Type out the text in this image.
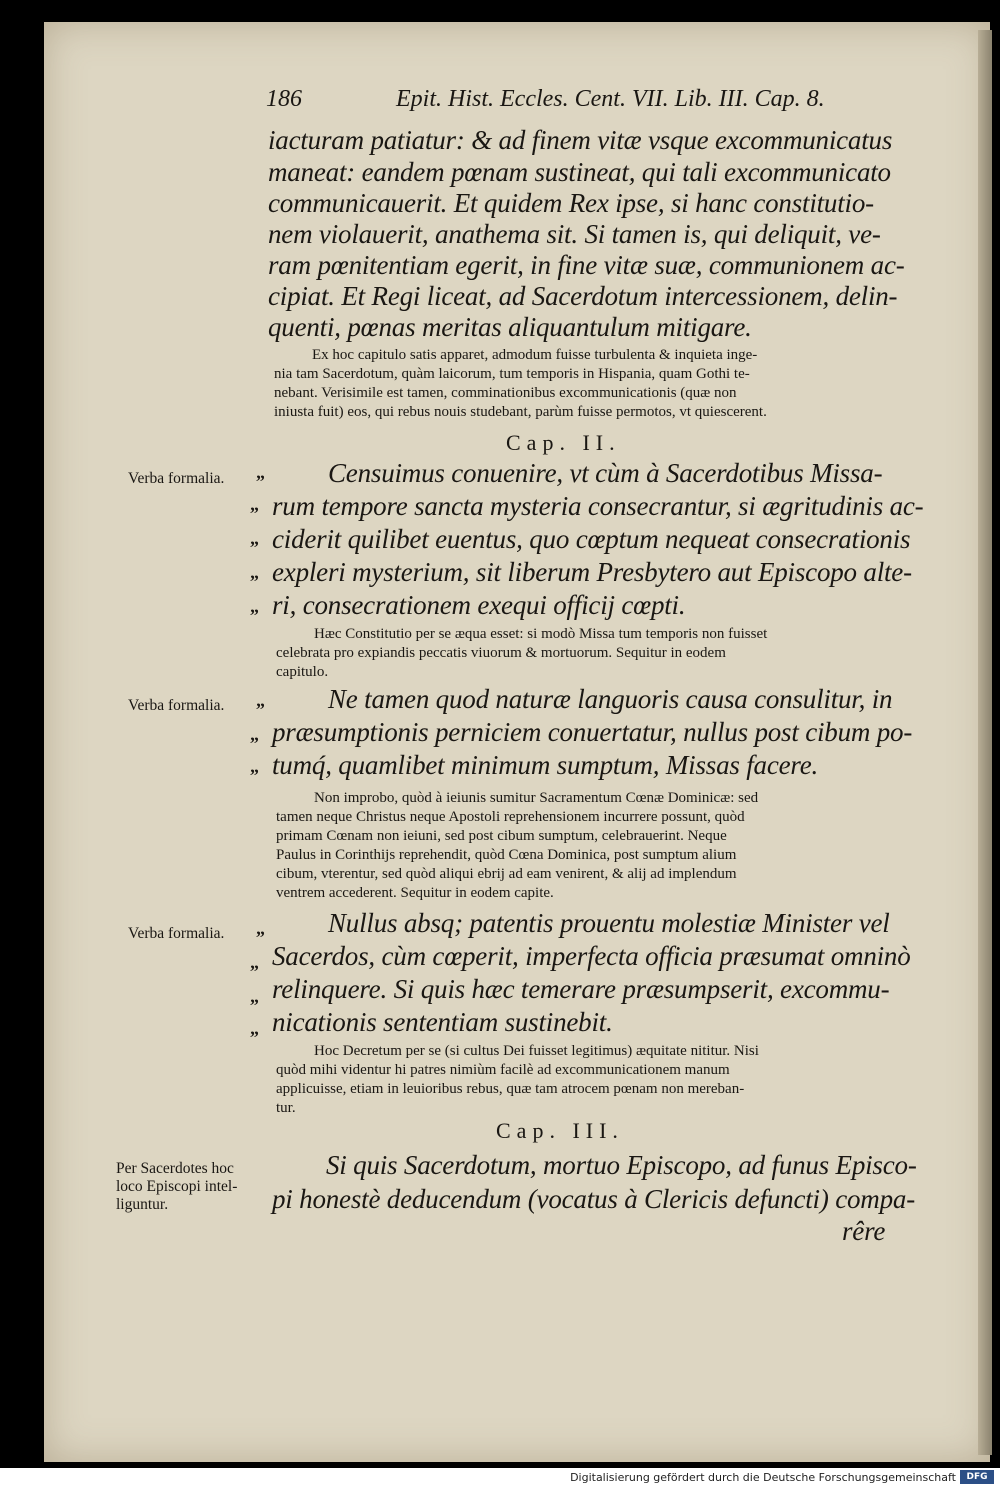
186	Epit. Hist. Eccles. Cent. VII. Lib. III. Cap. 8.
iacturam patiatur: & ad finem vitæ vsque excommunicatus
maneat: eandem pœnam sustineat, qui tali excommunicato
communicauerit. Et quidem Rex ipse, si hanc constitutio-
nem violauerit, anathema sit. Si tamen is, qui deliquit, ve-
ram pœnitentiam egerit, in fine vitæ suæ, communionem ac-
cipiat. Et Regi liceat, ad Sacerdotum intercessionem, delin-
quenti, pœnas meritas aliquantulum mitigare.
Ex hoc capitulo satis apparet, admodum fuisse turbulenta & inquieta inge-
nia tam Sacerdotum, quàm laicorum, tum temporis in Hispania, quam Gothi te-
nebant. Verisimile est tamen, comminationibus excommunicationis (quæ non
iniusta fuit) eos, qui rebus nouis studebant, parùm fuisse permotos, vt quiescerent.
Cap. II.
Verba formalia. „
„
„
„
„
Censuimus conuenire, vt cùm à Sacerdotibus Missa-
rum tempore sancta mysteria consecrantur, si ægritudinis ac-
ciderit quilibet euentus, quo cœptum nequeat consecrationis
expleri mysterium, sit liberum Presbytero aut Episcopo alte-
ri, consecrationem exequi officij cœpti.
Hæc Constitutio per se æqua esset: si modò Missa tum temporis non fuisset
celebrata pro expiandis peccatis viuorum & mortuorum. Sequitur in eodem
capitulo.
Verba formalia. „
„
„
Ne tamen quod naturæ languoris causa consulitur, in
præsumptionis perniciem conuertatur, nullus post cibum po-
tumq́, quamlibet minimum sumptum, Missas facere.
Non improbo, quòd à ieiunis sumitur Sacramentum Cœnæ Dominicæ: sed
tamen neque Christus neque Apostoli reprehensionem incurrere possunt, quòd
primam Cœnam non ieiuni, sed post cibum sumptum, celebrauerint. Neque
Paulus in Corinthijs reprehendit, quòd Cœna Dominica, post sumptum alium
cibum, vterentur, sed quòd aliqui ebrij ad eam venirent, & alij ad implendum
ventrem accederent. Sequitur in eodem capite.
Verba formalia. „
„
„
„
Nullus absq; patentis prouentu molestiæ Minister vel
Sacerdos, cùm cœperit, imperfecta officia præsumat omninò
relinquere. Si quis hæc temerare præsumpserit, excommu-
nicationis sententiam sustinebit.
Hoc Decretum per se (si cultus Dei fuisset legitimus) æquitate nititur. Nisi
quòd mihi videntur hi patres nimiùm facilè ad excommunicationem manum
applicuisse, etiam in leuioribus rebus, quæ tam atrocem pœnam non mereban-
tur.
Cap. III.
Per Sacerdotes hoc
loco Episcopi intel-
liguntur.
Si quis Sacerdotum, mortuo Episcopo, ad funus Episco-
pi honestè deducendum (vocatus à Clericis defuncti) compa-
rêre
Digitalisierung gefördert durch die Deutsche Forschungsgemeinschaft	DFG
